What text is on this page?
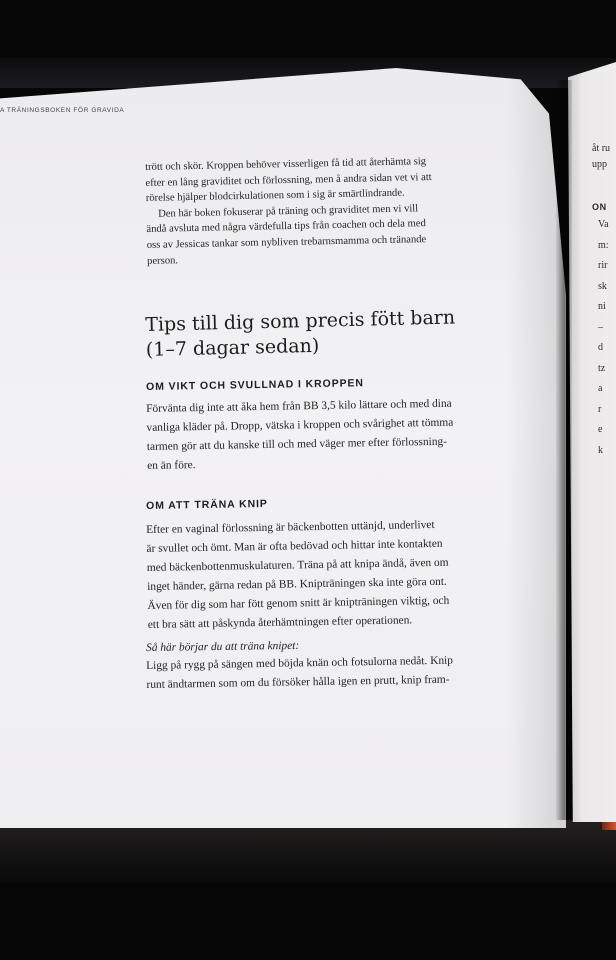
A TRÄNINGSBOKEN FÖR GRAVIDA
trött och skör. Kroppen behöver visserligen få tid att återhämta sig
efter en lång graviditet och förlossning, men å andra sidan vet vi att
rörelse hjälper blodcirkulationen som i sig är smärtlindrande.
Den här boken fokuserar på träning och graviditet men vi vill
ändå avsluta med några värdefulla tips från coachen och dela med
oss av Jessicas tankar som nybliven trebarnsmamma och tränande
person.
Tips till dig som precis fött barn
(1–7 dagar sedan)
OM VIKT OCH SVULLNAD I KROPPEN
Förvänta dig inte att åka hem från BB 3,5 kilo lättare och med dina
vanliga kläder på. Dropp, vätska i kroppen och svårighet att tömma
tarmen gör att du kanske till och med väger mer efter förlossning-
en än före.
OM ATT TRÄNA KNIP
Efter en vaginal förlossning är bäckenbotten uttänjd, underlivet
är svullet och ömt. Man är ofta bedövad och hittar inte kontakten
med bäckenbottenmuskulaturen. Träna på att knipa ändå, även om
inget händer, gärna redan på BB. Knipträningen ska inte göra ont.
Även för dig som har fött genom snitt är knipträningen viktig, och
ett bra sätt att påskynda återhämtningen efter operationen.
Så här börjar du att träna knipet:
Ligg på rygg på sängen med böjda knän och fotsulorna nedåt. Knip
runt ändtarmen som om du försöker hålla igen en prutt, knip fram-
åt ru
upp
ON
Va
m:
rir
sk
ni
–
d
tz
a
r
e
k
